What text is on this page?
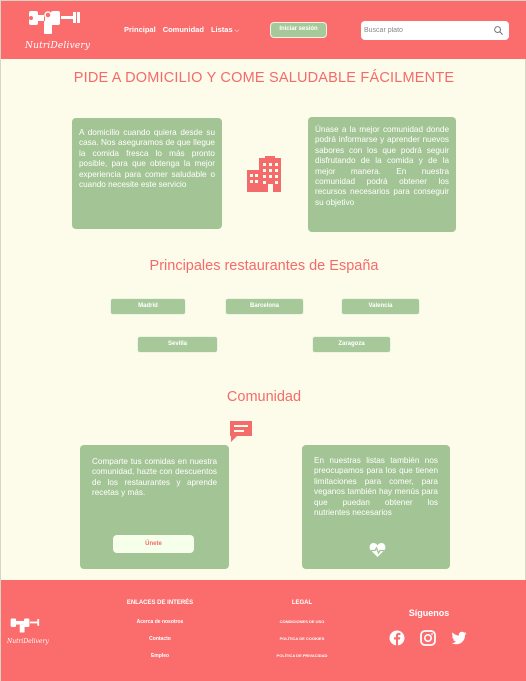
NutriDelivery
Principal Comunidad Listas ⌵	Iniciar sesión
Buscar plato
PIDE A DOMICILIO Y COME SALUDABLE FÁCILMENTE
A domicilio cuando quiera desde su casa. Nos aseguramos de que llegue la comida fresca lo más pronto posible, para que obtenga la mejor experiencia para comer saludable o cuando necesite este servicio
Únase a la mejor comunidad donde podrá informarse y aprender nuevos sabores con los que podrá seguir disfrutando de la comida y de la mejor manera. En nuestra comunidad podrá obtener los recursos necesarios para conseguir su objetivo
Principales restaurantes de España
Madrid	Barcelona	Valencia
Sevilla	Zaragoza
Comunidad
Comparte tus comidas en nuestra comunidad, hazte con descuentos de los restaurantes y aprende recetas y más.
Únete
En nuestras listas también nos preocupamos para los que tienen limitaciones para comer, para veganos también hay menús para que puedan obtener los nutrientes necesarios
NutriDelivery
ENLACES DE INTERÉS
Acerca de nosotros
Contacto
Empleo
LEGAL
CONDICIONES DE USO
POLÍTICA DE COOKIES
POLÍTICA DE PRIVACIDAD
Síguenos
